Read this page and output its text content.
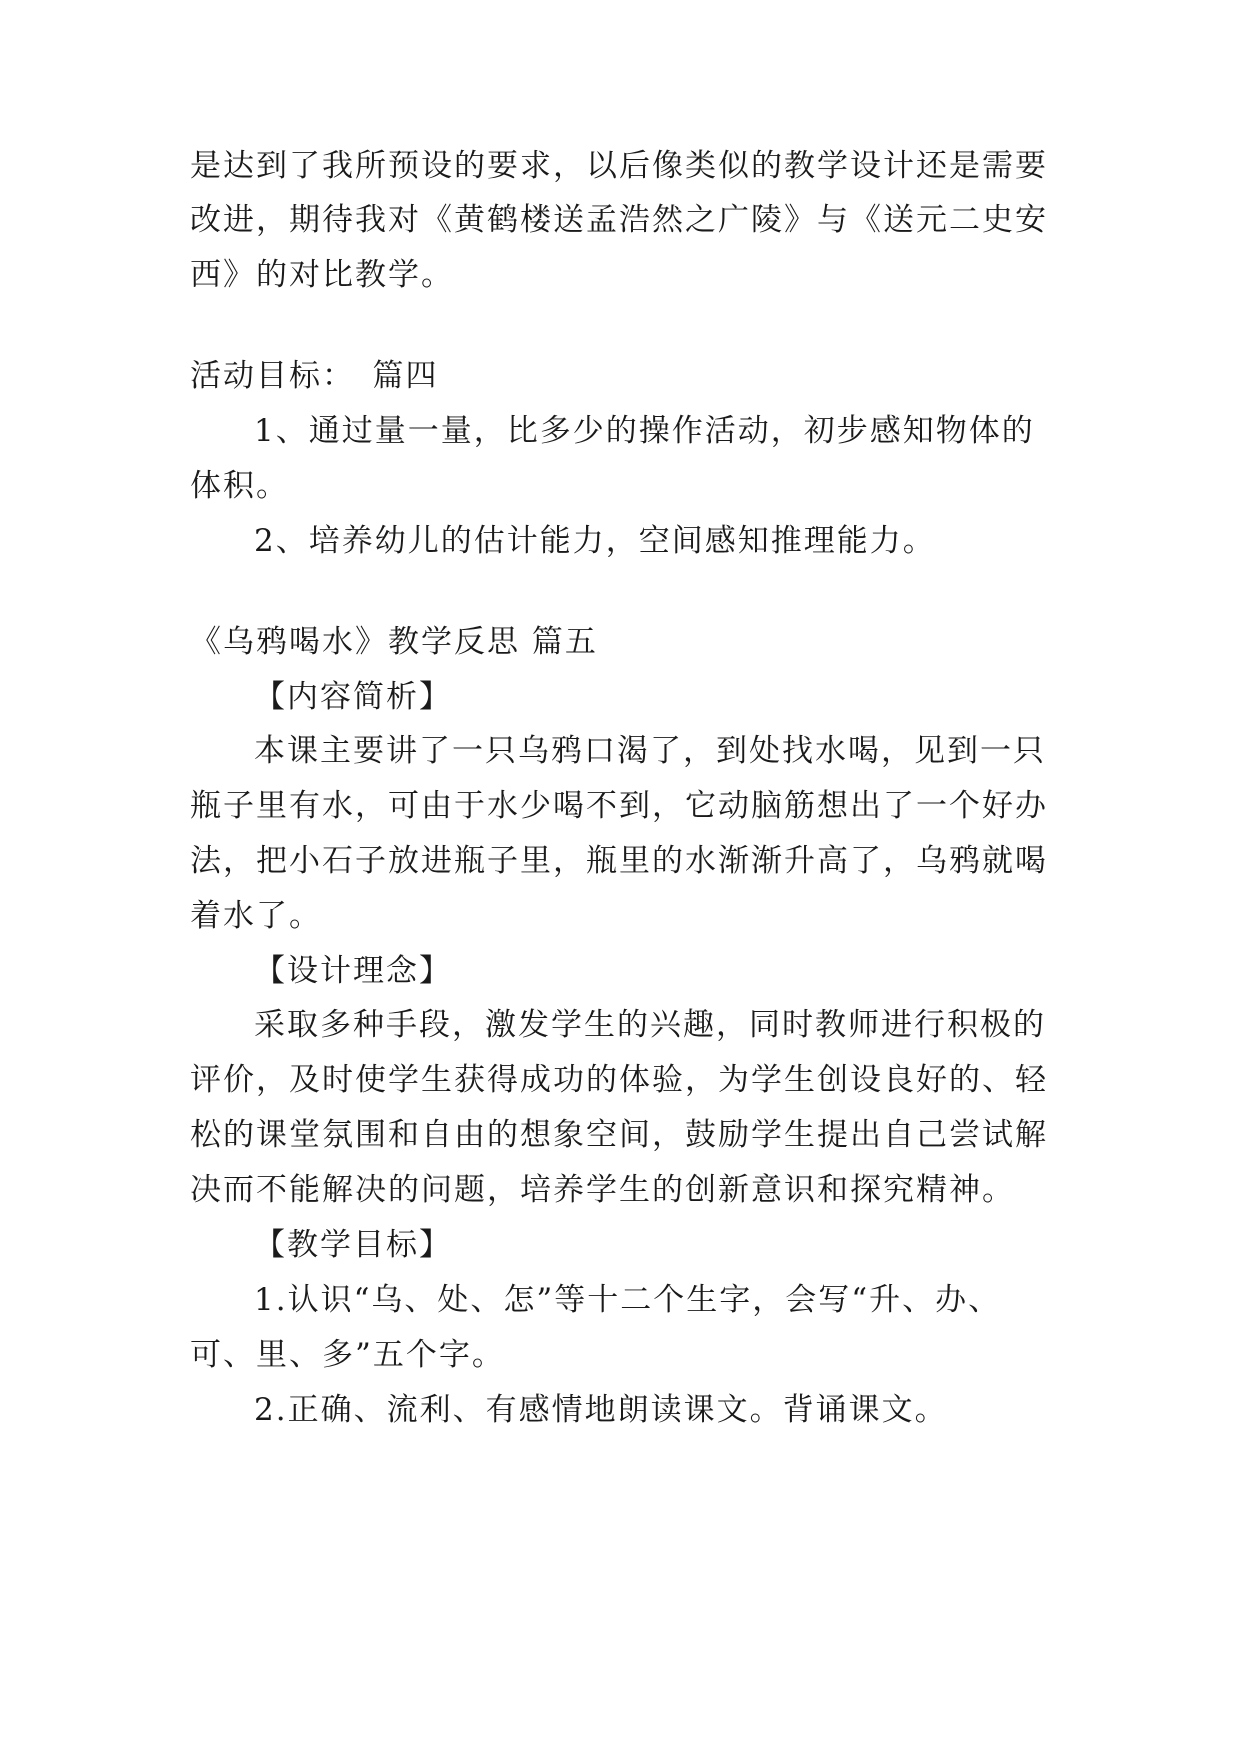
是达到了我所预设的要求，以后像类似的教学设计还是需要
改进，期待我对《黄鹤楼送孟浩然之广陵》与《送元二史安
西》的对比教学。
活动目标：　篇四
1、通过量一量，比多少的操作活动，初步感知物体的
体积。
2、培养幼儿的估计能力，空间感知推理能力。
《乌鸦喝水》教学反思 篇五
【内容简析】
本课主要讲了一只乌鸦口渴了，到处找水喝，见到一只
瓶子里有水，可由于水少喝不到，它动脑筋想出了一个好办
法，把小石子放进瓶子里，瓶里的水渐渐升高了，乌鸦就喝
着水了。
【设计理念】
采取多种手段，激发学生的兴趣，同时教师进行积极的
评价，及时使学生获得成功的体验，为学生创设良好的、轻
松的课堂氛围和自由的想象空间，鼓励学生提出自己尝试解
决而不能解决的问题，培养学生的创新意识和探究精神。
【教学目标】
1.认识“乌、处、怎”等十二个生字，会写“升、办、
可、里、多”五个字。
2.正确、流利、有感情地朗读课文。背诵课文。
